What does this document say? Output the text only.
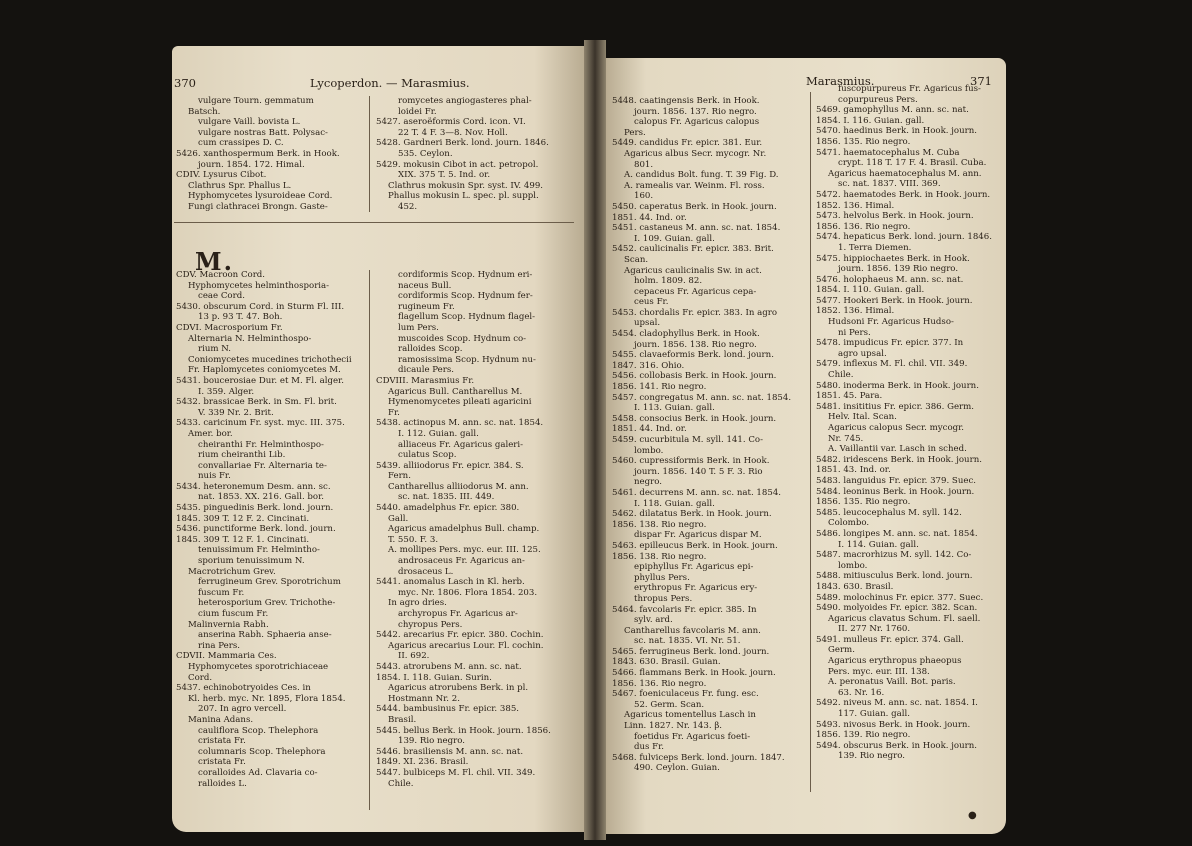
370	Lycoperdon. — Marasmius.

vulgare Tourn. gemmatum

Batsch.

vulgare Vaill. bovista L.

vulgare nostras Batt. Polysac-

cum crassipes D. C.

5426. xanthospermum Berk. in Hook.

journ. 1854. 172. Himal.

CDIV. Lysurus Cibot.

Clathrus Spr. Phallus L.

Hyphomycetes lysuroideae Cord.

Fungi clathracei Brongn. Gaste-

romycetes angiogasteres phal-

loidei Fr.

5427. aseroëformis Cord. icon. VI.

22 T. 4 F. 3—8. Nov. Holl.

5428. Gardneri Berk. lond. journ. 1846.

535. Ceylon.

5429. mokusin Cibot in act. petropol.

XIX. 375 T. 5. Ind. or.

Clathrus mokusin Spr. syst. IV. 499.

Phallus mokusin L. spec. pl. suppl.

452.

CDV. Macroon Cord.

Hyphomycetes helminthosporia-

ceae Cord.

5430. obscurum Cord. in Sturm Fl. III.

13 p. 93 T. 47. Boh.

CDVI. Macrosporium Fr.

Alternaria N. Helminthospo-

rium N.

Coniomycetes mucedines trichothecii

Fr. Haplomycetes coniomycetes M.

5431. boucerosiae Dur. et M. Fl. alger.

I. 359. Alger.

5432. brassicae Berk. in Sm. Fl. brit.

V. 339 Nr. 2. Brit.

5433. caricinum Fr. syst. myc. III. 375.

Amer. bor.

cheiranthi Fr. Helminthospo-

rium cheiranthi Lib.

convallariae Fr. Alternaria te-

nuis Fr.

5434. heteronemum Desm. ann. sc.

nat. 1853. XX. 216. Gall. bor.

5435. pinguedinis Berk. lond. journ.

1845. 309 T. 12 F. 2. Cincinati.

5436. punctiforme Berk. lond. journ.

1845. 309 T. 12 F. 1. Cincinati.

tenuissimum Fr. Helmintho-

sporium tenuissimum N.

Macrotrichum Grev.

ferrugineum Grev. Sporotrichum

fuscum Fr.

heterosporium Grev. Trichothe-

cium fuscum Fr.

Malinvernia Rabh.

anserina Rabh. Sphaeria anse-

rina Pers.

CDVII. Mammaria Ces.

Hyphomycetes sporotrichiaceae

Cord.

5437. echinobotryoides Ces. in

Kl. herb. myc. Nr. 1895, Flora 1854.

207. In agro vercell.

Manina Adans.

cauliflora Scop. Thelephora

cristata Fr.

columnaris Scop. Thelephora

cristata Fr.

coralloides Ad. Clavaria co-

ralloides L.

cordiformis Scop. Hydnum eri-

naceus Bull.

cordiformis Scop. Hydnum fer-

rugineum Fr.

flagellum Scop. Hydnum flagel-

lum Pers.

muscoides Scop. Hydnum co-

ralloides Scop.

ramosissima Scop. Hydnum nu-

dicaule Pers.

CDVIII. Marasmius Fr.

Agaricus Bull. Cantharellus M.

Hymenomycetes pileati agaricini

Fr.

5438. actinopus M. ann. sc. nat. 1854.

I. 112. Guian. gall.

alliaceus Fr. Agaricus galeri-

culatus Scop.

5439. alliiodorus Fr. epicr. 384. S.

Fern.

Cantharellus alliiodorus M. ann.

sc. nat. 1835. III. 449.

5440. amadelphus Fr. epicr. 380.

Gall.

Agaricus amadelphus Bull. champ.

T. 550. F. 3.

A. mollipes Pers. myc. eur. III. 125.

androsaceus Fr. Agaricus an-

drosaceus L.

5441. anomalus Lasch in Kl. herb.

myc. Nr. 1806. Flora 1854. 203.

In agro dries.

archyropus Fr. Agaricus ar-

chyropus Pers.

5442. arecarius Fr. epicr. 380. Cochin.

Agaricus arecarius Lour. Fl. cochin.

II. 692.

5443. atrorubens M. ann. sc. nat.

1854. I. 118. Guian. Surin.

Agaricus atrorubens Berk. in pl.

Hostmann Nr. 2.

5444. bambusinus Fr. epicr. 385.

Brasil.

5445. bellus Berk. in Hook. journ. 1856.

139. Rio negro.

5446. brasiliensis M. ann. sc. nat.

1849. XI. 236. Brasil.

5447. bulbiceps M. Fl. chil. VII. 349.

Chile.

M.
Marasmius.	371

5448. caatingensis Berk. in Hook.

journ. 1856. 137. Rio negro.

calopus Fr. Agaricus calopus

Pers.

5449. candidus Fr. epicr. 381. Eur.

Agaricus albus Secr. mycogr. Nr.

801.

A. candidus Bolt. fung. T. 39 Fig. D.

A. ramealis var. Weinm. Fl. ross.

160.

5450. caperatus Berk. in Hook. journ.

1851. 44. Ind. or.

5451. castaneus M. ann. sc. nat. 1854.

I. 109. Guian. gall.

5452. caulicinalis Fr. epicr. 383. Brit.

Scan.

Agaricus caulicinalis Sw. in act.

holm. 1809. 82.

cepaceus Fr. Agaricus cepa-

ceus Fr.

5453. chordalis Fr. epicr. 383. In agro

upsal.

5454. cladophyllus Berk. in Hook.

journ. 1856. 138. Rio negro.

5455. clavaeformis Berk. lond. journ.

1847. 316. Ohio.

5456. collobasis Berk. in Hook. journ.

1856. 141. Rio negro.

5457. congregatus M. ann. sc. nat. 1854.

I. 113. Guian. gall.

5458. consocius Berk. in Hook. journ.

1851. 44. Ind. or.

5459. cucurbitula M. syll. 141. Co-

lombo.

5460. cupressiformis Berk. in Hook.

journ. 1856. 140 T. 5 F. 3. Rio

negro.

5461. decurrens M. ann. sc. nat. 1854.

I. 118. Guian. gall.

5462. dilatatus Berk. in Hook. journ.

1856. 138. Rio negro.

dispar Fr. Agaricus dispar M.

5463. epilleucus Berk. in Hook. journ.

1856. 138. Rio negro.

epiphyllus Fr. Agaricus epi-

phyllus Pers.

erythropus Fr. Agaricus ery-

thropus Pers.

5464. favcolaris Fr. epicr. 385. In

sylv. ard.

Cantharellus favcolaris M. ann.

sc. nat. 1835. VI. Nr. 51.

5465. ferrugineus Berk. lond. journ.

1843. 630. Brasil. Guian.

5466. flammans Berk. in Hook. journ.

1856. 136. Rio negro.

5467. foeniculaceus Fr. fung. esc.

52. Germ. Scan.

Agaricus tomentellus Lasch in

Linn. 1827. Nr. 143. β.

foetidus Fr. Agaricus foeti-

dus Fr.

5468. fulviceps Berk. lond. journ. 1847.

490. Ceylon. Guian.

fuscopurpureus Fr. Agaricus fus-

copurpureus Pers.

5469. gamophyllus M. ann. sc. nat.

1854. I. 116. Guian. gall.

5470. haedinus Berk. in Hook. journ.

1856. 135. Rio negro.

5471. haematocephalus M. Cuba

crypt. 118 T. 17 F. 4. Brasil. Cuba.

Agaricus haematocephalus M. ann.

sc. nat. 1837. VIII. 369.

5472. haematodes Berk. in Hook. journ.

1852. 136. Himal.

5473. helvolus Berk. in Hook. journ.

1856. 136. Rio negro.

5474. hepaticus Berk. lond. journ. 1846.

1. Terra Diemen.

5475. hippiochaetes Berk. in Hook.

journ. 1856. 139 Rio negro.

5476. holophaeus M. ann. sc. nat.

1854. I. 110. Guian. gall.

5477. Hookeri Berk. in Hook. journ.

1852. 136. Himal.

Hudsoni Fr. Agaricus Hudso-

ni Pers.

5478. impudicus Fr. epicr. 377. In

agro upsal.

5479. inflexus M. Fl. chil. VII. 349.

Chile.

5480. inoderma Berk. in Hook. journ.

1851. 45. Para.

5481. insititius Fr. epicr. 386. Germ.

Helv. Ital. Scan.

Agaricus calopus Secr. mycogr.

Nr. 745.

A. Vaillantii var. Lasch in sched.

5482. iridescens Berk. in Hook. journ.

1851. 43. Ind. or.

5483. languidus Fr. epicr. 379. Suec.

5484. leoninus Berk. in Hook. journ.

1856. 135. Rio negro.

5485. leucocephalus M. syll. 142.

Colombo.

5486. longipes M. ann. sc. nat. 1854.

I. 114. Guian. gall.

5487. macrorhizus M. syll. 142. Co-

lombo.

5488. mitiusculus Berk. lond. journ.

1843. 630. Brasil.

5489. molochinus Fr. epicr. 377. Suec.

5490. molyoides Fr. epicr. 382. Scan.

Agaricus clavatus Schum. Fl. saell.

II. 277 Nr. 1760.

5491. mulleus Fr. epicr. 374. Gall.

Germ.

Agaricus erythropus phaeopus

Pers. myc. eur. III. 138.

A. peronatus Vaill. Bot. paris.

63. Nr. 16.

5492. niveus M. ann. sc. nat. 1854. I.

117. Guian. gall.

5493. nivosus Berk. in Hook. journ.

1856. 139. Rio negro.

5494. obscurus Berk. in Hook. journ.

139. Rio negro.

●
